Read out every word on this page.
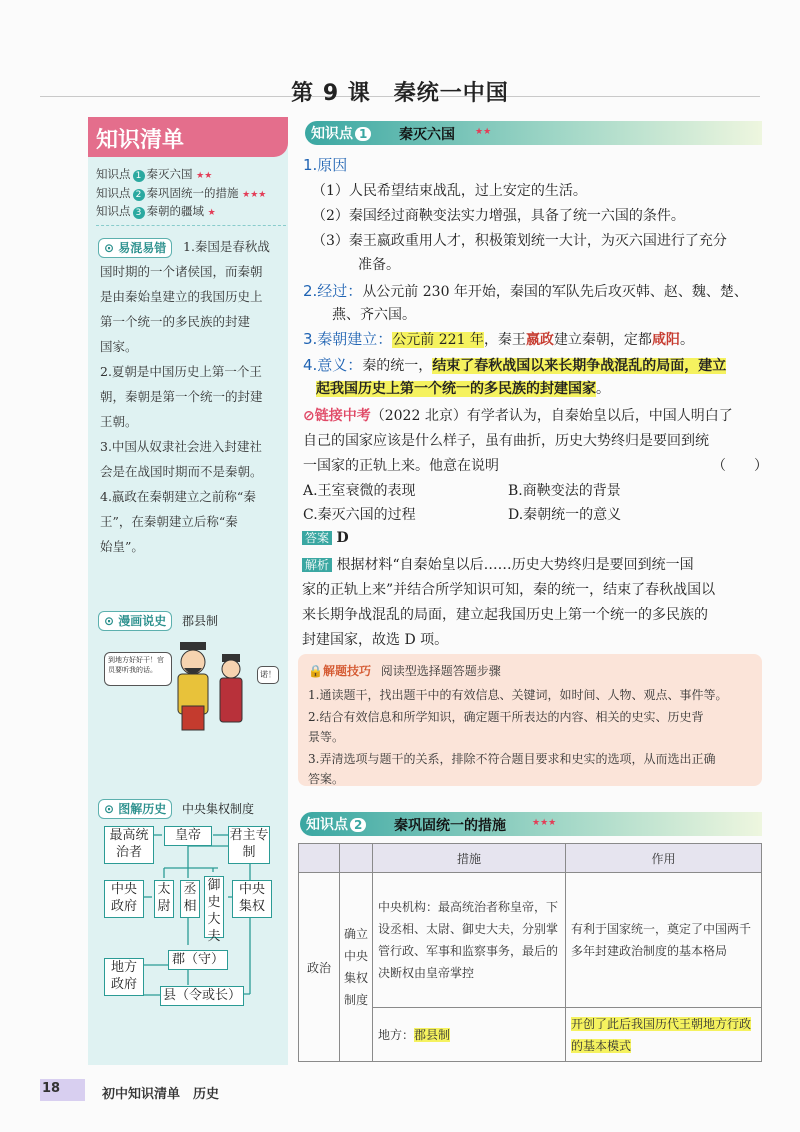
第 9 课　秦统一中国
知识清单
知识点 1 秦灭六国 ★★
知识点 2 秦巩固统一的措施 ★★★
知识点 3 秦朝的疆域 ★
⊙ 易混易错	1.秦国是春秋战
国时期的一个诸侯国，而秦朝
是由秦始皇建立的我国历史上
第一个统一的多民族的封建
国家。
2.夏朝是中国历史上第一个王
朝，秦朝是第一个统一的封建
王朝。
3.中国从奴隶社会进入封建社
会是在战国时期而不是秦朝。
4.嬴政在秦朝建立之前称“秦
王”，在秦朝建立后称“秦
始皇”。
⊙ 漫画说史	郡县制
到地方好好干！官员要听我的话。	诺！
⊙ 图解历史	中央集权制度
最高统治者
皇帝	君主专制
中央政府
太尉
丞相
御史大夫
中央集权
地方政府
郡（守）
县（令或长）
知识点 1 秦灭六国 ★★
1.原因
（1）人民希望结束战乱，过上安定的生活。
（2）秦国经过商鞅变法实力增强，具备了统一六国的条件。
（3）秦王嬴政重用人才，积极策划统一大计，为灭六国进行了充分
准备。
2.经过：从公元前 230 年开始，秦国的军队先后攻灭韩、赵、魏、楚、
燕、齐六国。
3.秦朝建立：公元前 221 年，秦王嬴政建立秦朝，定都咸阳。
4.意义：秦的统一，结束了春秋战国以来长期争战混乱的局面，建立
起我国历史上第一个统一的多民族的封建国家。
⊘链接中考（2022 北京）有学者认为，自秦始皇以后，中国人明白了
自己的国家应该是什么样子，虽有曲折，历史大势终归是要回到统
一国家的正轨上来。他意在说明	（　　）
A.王室衰微的表现	B.商鞅变法的背景
C.秦灭六国的过程	D.秦朝统一的意义
答案 D
解析 根据材料“自秦始皇以后……历史大势终归是要回到统一国
家的正轨上来”并结合所学知识可知，秦的统一，结束了春秋战国以
来长期争战混乱的局面，建立起我国历史上第一个统一的多民族的
封建国家，故选 D 项。
🔒解题技巧 阅读型选择题答题步骤
1.通读题干，找出题干中的有效信息、关键词，如时间、人物、观点、事件等。
2.结合有效信息和所学知识，确定题干所表达的内容、相关的史实、历史背
景等。
3.弄清选项与题干的关系，排除不符合题目要求和史实的选项，从而选出正确
答案。
知识点 2 秦巩固统一的措施	★★★
		措施	作用
政治	确立中央集权制度	中央机构：最高统治者称皇帝，下设丞相、太尉、御史大夫，分别掌管行政、军事和监察事务，最后的决断权由皇帝掌控	有利于国家统一，奠定了中国两千多年封建政治制度的基本格局
		地方：郡县制	开创了此后我国历代王朝地方行政的基本模式
18	初中知识清单　历史
